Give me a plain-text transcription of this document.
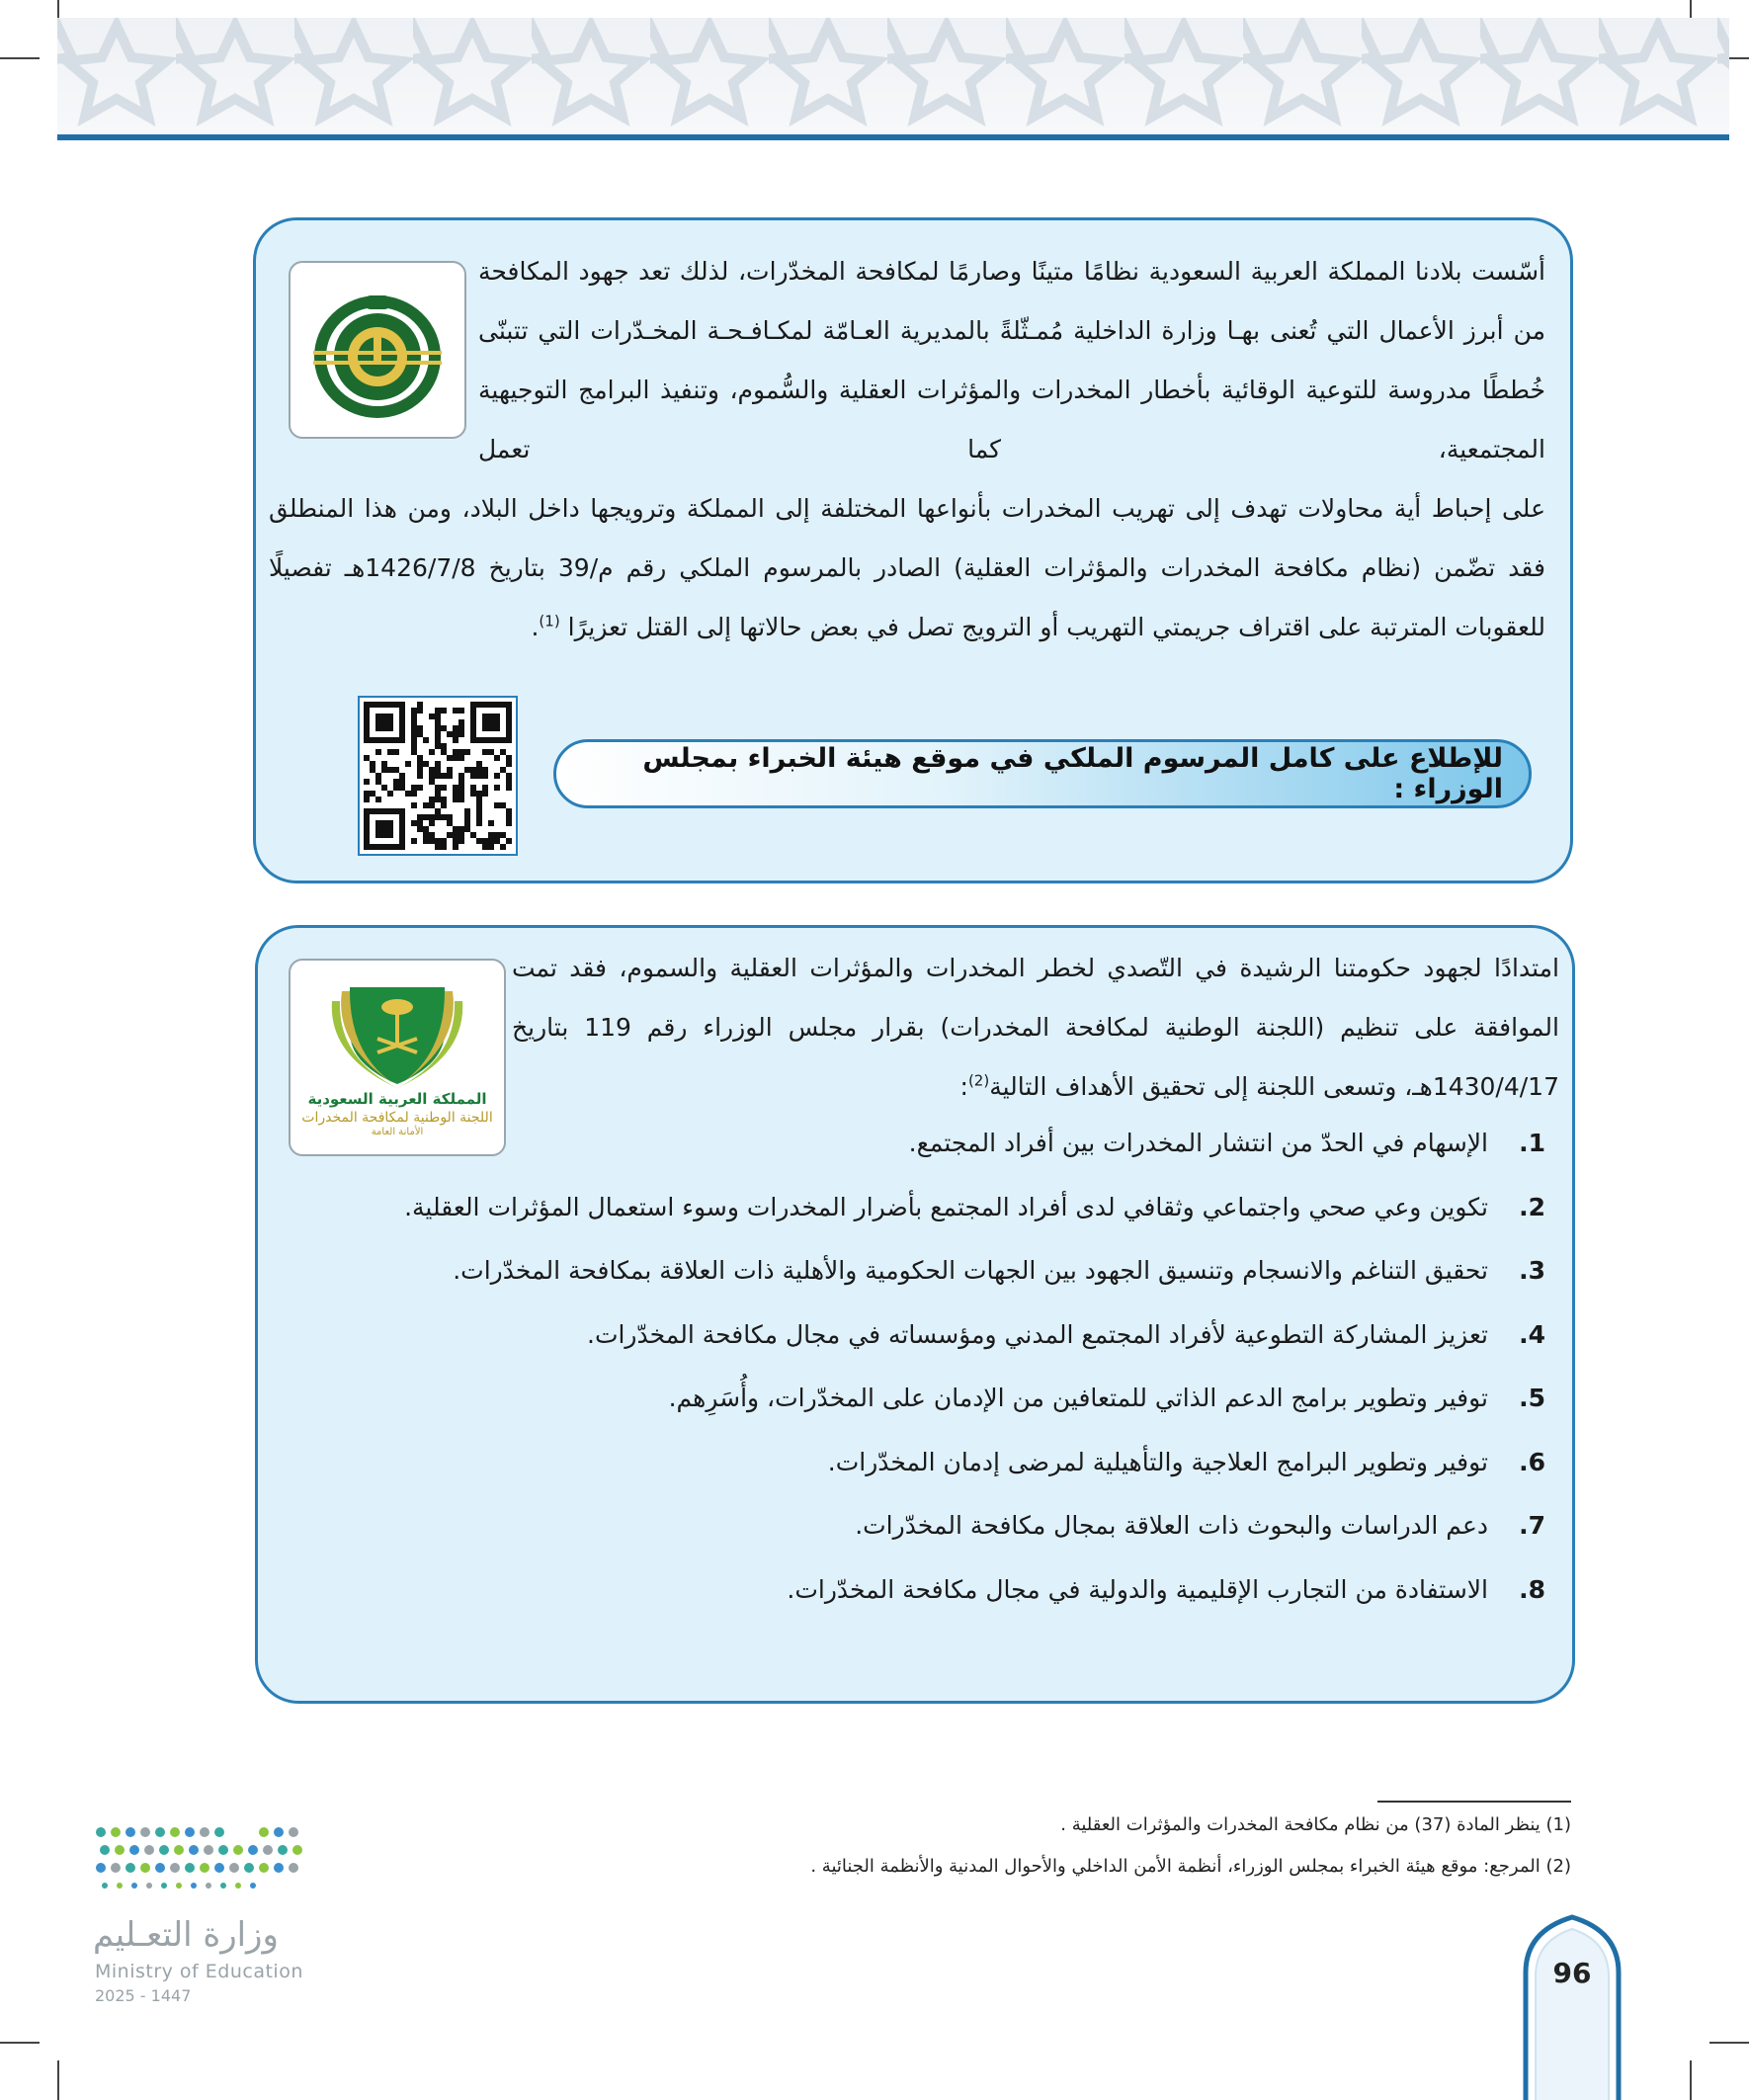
أسّست بلادنا المملكة العربية السعودية نظامًا متينًا وصارمًا لمكافحة المخدّرات، لذلك تعد جهود المكافحة من أبرز الأعمال التي تُعنى بهـا وزارة الداخلية مُمـثّلةً بالمديرية العـامّة لمكـافـحـة المخـدّرات التي تتبنّى خُططًا مدروسة للتوعية الوقائية بأخطار المخدرات والمؤثرات العقلية والسُّموم، وتنفيذ البرامج التوجيهية المجتمعية، كما تعمل
على إحباط أية محاولات تهدف إلى تهريب المخدرات بأنواعها المختلفة إلى المملكة وترويجها داخل البلاد، ومن هذا المنطلق فقد تضّمن (نظام مكافحة المخدرات والمؤثرات العقلية) الصادر بالمرسوم الملكي رقم م/39 بتاريخ 1426/7/8هـ تفصيلًا للعقوبات المترتبة على اقتراف جريمتي التهريب أو الترويج تصل في بعض حالاتها إلى القتل تعزيرًا $^{(1)}$.
للإطلاع على كامل المرسوم الملكي في موقع هيئة الخبراء بمجلس الوزراء :
المملكة العربية السعودية
اللجنة الوطنية لمكافحة المخدرات
الأمانة العامة
امتدادًا لجهود حكومتنا الرشيدة في التّصدي لخطر المخدرات والمؤثرات العقلية والسموم، فقد تمت الموافقة على تنظيم (اللجنة الوطنية لمكافحة المخدرات) بقرار مجلس الوزراء رقم 119 بتاريخ 1430/4/17هـ، وتسعى اللجنة إلى تحقيق الأهداف التالية$^{(2)}$:
1.
الإسهام في الحدّ من انتشار المخدرات بين أفراد المجتمع.
2.
تكوين وعي صحي واجتماعي وثقافي لدى أفراد المجتمع بأضرار المخدرات وسوء استعمال المؤثرات العقلية.
3.
تحقيق التناغم والانسجام وتنسيق الجهود بين الجهات الحكومية والأهلية ذات العلاقة بمكافحة المخدّرات.
4.
تعزيز المشاركة التطوعية لأفراد المجتمع المدني ومؤسساته في مجال مكافحة المخدّرات.
5.
توفير وتطوير برامج الدعم الذاتي للمتعافين من الإدمان على المخدّرات، وأُسَرِهم.
6.
توفير وتطوير البرامج العلاجية والتأهيلية لمرضى إدمان المخدّرات.
7.
دعم الدراسات والبحوث ذات العلاقة بمجال مكافحة المخدّرات.
8.
الاستفادة من التجارب الإقليمية والدولية في مجال مكافحة المخدّرات.
(1) ينظر المادة (37) من نظام مكافحة المخدرات والمؤثرات العقلية .
(2) المرجع: موقع هيئة الخبراء بمجلس الوزراء، أنظمة الأمن الداخلي والأحوال المدنية والأنظمة الجنائية .
وزارة التعـليم
Ministry of Education
2025 - 1447
96
